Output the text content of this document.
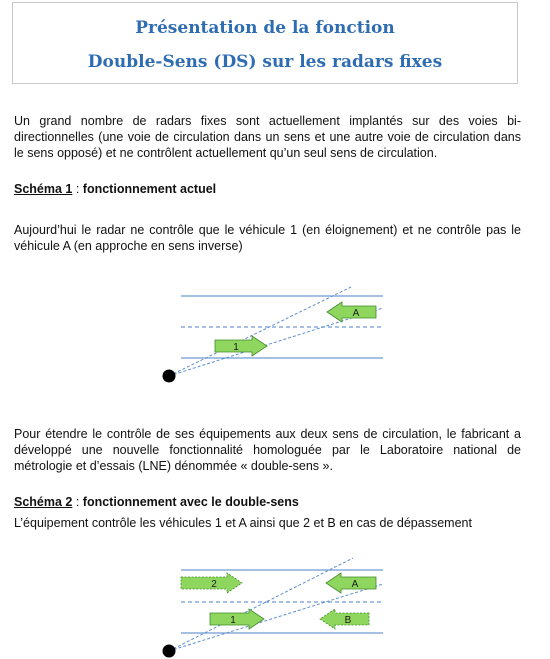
Présentation de la fonction
Double-Sens (DS) sur les radars fixes

Un grand nombre de radars fixes sont actuellement implantés sur des voies bi-directionnelles (une voie de circulation dans un sens et une autre voie de circulation dans le sens opposé) et ne contrôlent actuellement qu’un seul sens de circulation.

Schéma 1 : fonctionnement actuel

Aujourd’hui le radar ne contrôle que le véhicule 1 (en éloignement) et ne contrôle pas le véhicule A (en approche en sens inverse)

1
A

Pour étendre le contrôle de ses équipements aux deux sens de circulation, le fabricant a développé une nouvelle fonctionnalité homologuée par le Laboratoire national de métrologie et d’essais (LNE) dénommée « double-sens ».

Schéma 2 : fonctionnement avec le double-sens

L’équipement contrôle les véhicules 1 et A ainsi que 2 et B en cas de dépassement

2	A
1	B
